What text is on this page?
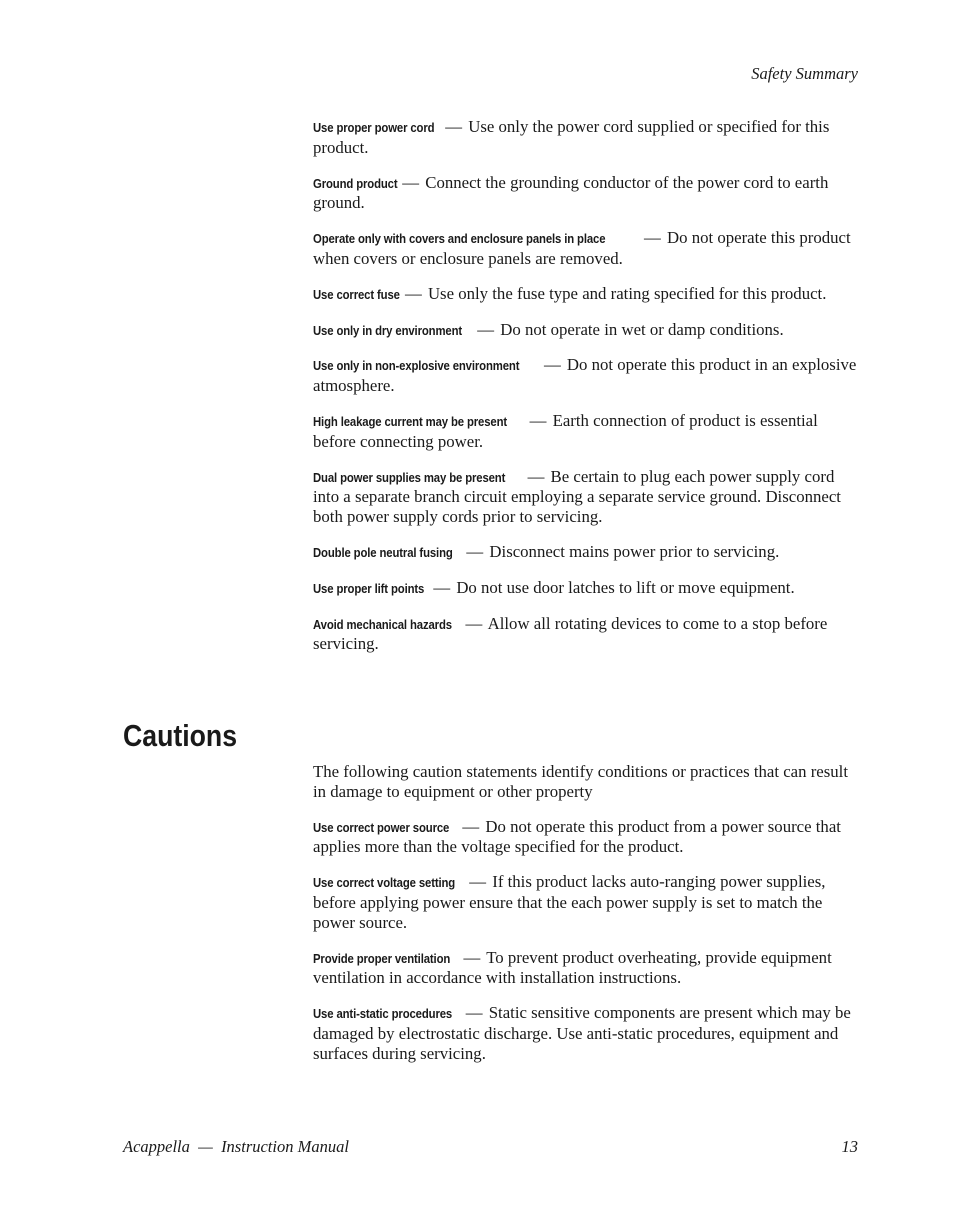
Safety Summary

Use proper power cord — Use only the power cord supplied or specified for this product.

Ground product — Connect the grounding conductor of the power cord to earth ground.

Operate only with covers and enclosure panels in place — Do not operate this product when covers or enclosure panels are removed.

Use correct fuse — Use only the fuse type and rating specified for this product.

Use only in dry environment — Do not operate in wet or damp conditions.

Use only in non-explosive environment — Do not operate this product in an explosive atmosphere.

High leakage current may be present — Earth connection of product is essential before connecting power.

Dual power supplies may be present — Be certain to plug each power supply cord into a separate branch circuit employing a separate service ground. Disconnect both power supply cords prior to servicing.

Double pole neutral fusing — Disconnect mains power prior to servicing.

Use proper lift points — Do not use door latches to lift or move equipment.

Avoid mechanical hazards — Allow all rotating devices to come to a stop before servicing.

Cautions

The following caution statements identify conditions or practices that can result in damage to equipment or other property

Use correct power source — Do not operate this product from a power source that applies more than the voltage specified for the product.

Use correct voltage setting — If this product lacks auto-ranging power supplies, before applying power ensure that the each power supply is set to match the power source.

Provide proper ventilation — To prevent product overheating, provide equipment ventilation in accordance with installation instructions.

Use anti-static procedures — Static sensitive components are present which may be damaged by electrostatic discharge. Use anti-static procedures, equipment and surfaces during servicing.

Acappella  —  Instruction Manual	13
